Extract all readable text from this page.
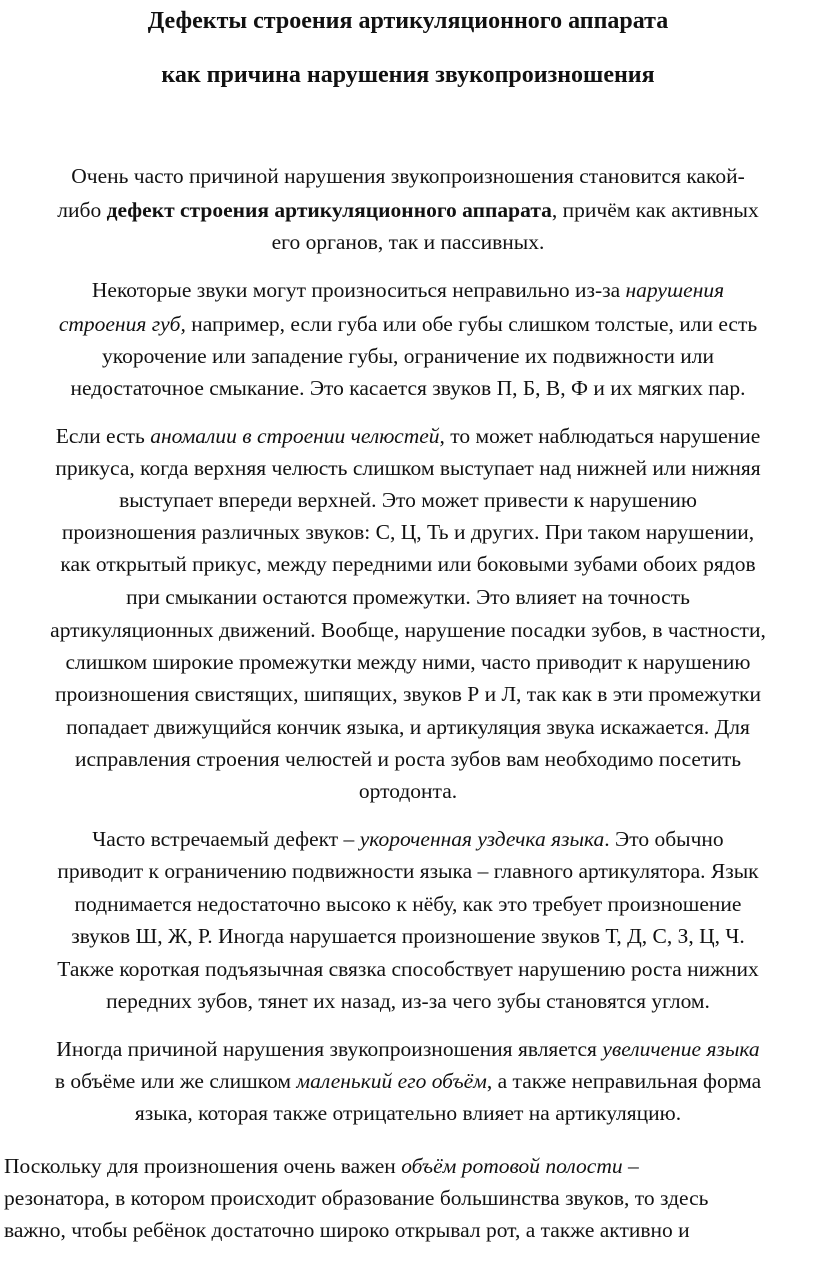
Дефекты строения артикуляционного аппарата
как причина нарушения звукопроизношения
Очень часто причиной нарушения звукопроизношения становится какой-
либо дефект строения артикуляционного аппарата, причём как активных
его органов, так и пассивных.
Некоторые звуки могут произноситься неправильно из-за нарушения
строения губ, например, если губа или обе губы слишком толстые, или есть
укорочение или западение губы, ограничение их подвижности или
недостаточное смыкание. Это касается звуков П, Б, В, Ф и их мягких пар.
Если есть аномалии в строении челюстей, то может наблюдаться нарушение
прикуса, когда верхняя челюсть слишком выступает над нижней или нижняя
выступает впереди верхней. Это может привести к нарушению
произношения различных звуков: С, Ц, Ть и других. При таком нарушении,
как открытый прикус, между передними или боковыми зубами обоих рядов
при смыкании остаются промежутки. Это влияет на точность
артикуляционных движений. Вообще, нарушение посадки зубов, в частности,
слишком широкие промежутки между ними, часто приводит к нарушению
произношения свистящих, шипящих, звуков Р и Л, так как в эти промежутки
попадает движущийся кончик языка, и артикуляция звука искажается. Для
исправления строения челюстей и роста зубов вам необходимо посетить
ортодонта.
Часто встречаемый дефект – укороченная уздечка языка. Это обычно
приводит к ограничению подвижности языка – главного артикулятора. Язык
поднимается недостаточно высоко к нёбу, как это требует произношение
звуков Ш, Ж, Р. Иногда нарушается произношение звуков Т, Д, С, З, Ц, Ч.
Также короткая подъязычная связка способствует нарушению роста нижних
передних зубов, тянет их назад, из-за чего зубы становятся углом.
Иногда причиной нарушения звукопроизношения является увеличение языка
в объёме или же слишком маленький его объём, а также неправильная форма
языка, которая также отрицательно влияет на артикуляцию.
Поскольку для произношения очень важен объём ротовой полости –
резонатора, в котором происходит образование большинства звуков, то здесь
важно, чтобы ребёнок достаточно широко открывал рот, а также активно и
